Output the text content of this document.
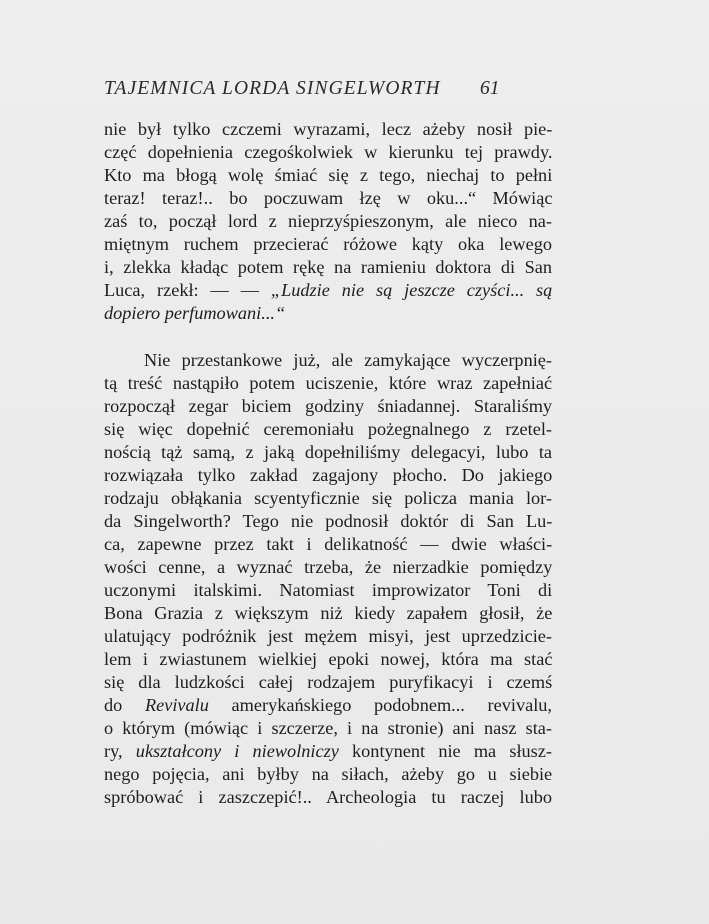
TAJEMNICA LORDA SINGELWORTH	61
nie był tylko czczemi wyrazami, lecz ażeby nosił pie-
częć dopełnienia czegośkolwiek w kierunku tej prawdy.
Kto ma błogą wolę śmiać się z tego, niechaj to pełni
teraz! teraz!.. bo poczuwam łzę w oku...“ Mówiąc
zaś to, począł lord z nieprzyśpieszonym, ale nieco na-
miętnym ruchem przecierać różowe kąty oka lewego
i, zlekka kładąc potem rękę na ramieniu doktora di San
Luca, rzekł: — — „Ludzie nie są jeszcze czyści... są
dopiero perfumowani...“
Nie przestankowe już, ale zamykające wyczerpnię-
tą treść nastąpiło potem uciszenie, które wraz zapełniać
rozpoczął zegar biciem godziny śniadannej. Staraliśmy
się więc dopełnić ceremoniału pożegnalnego z rzetel-
nością tąż samą, z jaką dopełniliśmy delegacyi, lubo ta
rozwiązała tylko zakład zagajony płocho. Do jakiego
rodzaju obłąkania scyentyficznie się policza mania lor-
da Singelworth? Tego nie podnosił doktór di San Lu-
ca, zapewne przez takt i delikatność — dwie właści-
wości cenne, a wyznać trzeba, że nierzadkie pomiędzy
uczonymi italskimi. Natomiast improwizator Toni di
Bona Grazia z większym niż kiedy zapałem głosił, że
ulatujący podróżnik jest mężem misyi, jest uprzedzicie-
lem i zwiastunem wielkiej epoki nowej, która ma stać
się dla ludzkości całej rodzajem puryfikacyi i czemś
do Revivalu amerykańskiego podobnem... revivalu,
o którym (mówiąc i szczerze, i na stronie) ani nasz sta-
ry, ukształcony i niewolniczy kontynent nie ma słusz-
nego pojęcia, ani byłby na siłach, ażeby go u siebie
spróbować i zaszczepić!.. Archeologia tu raczej lubo
